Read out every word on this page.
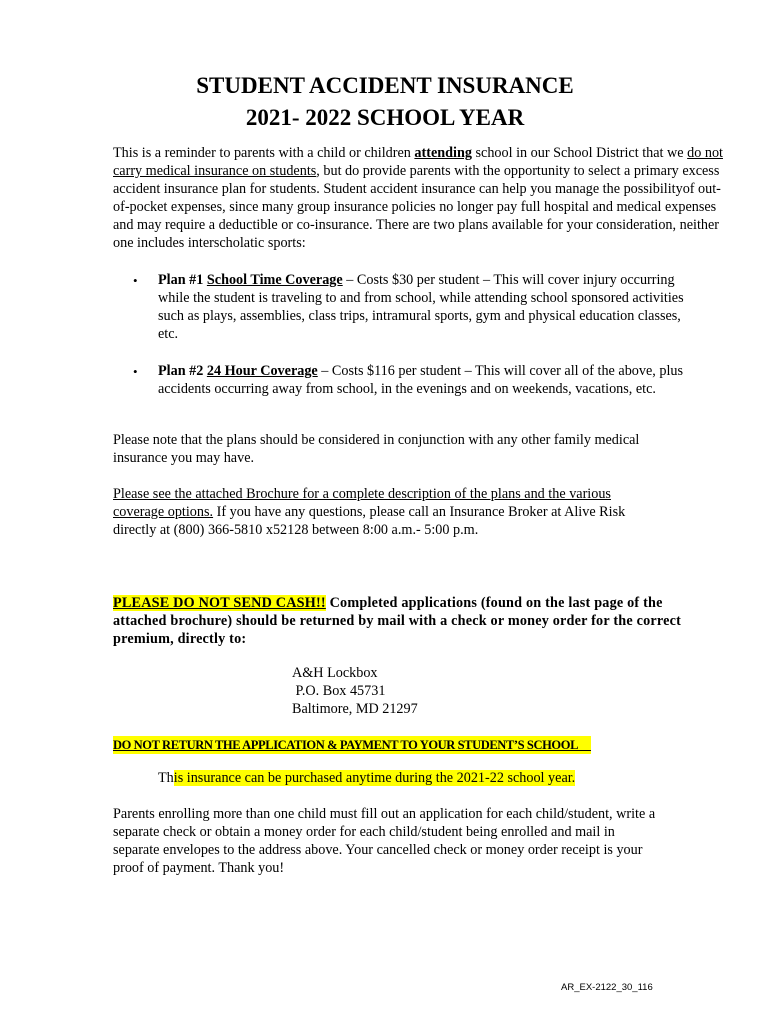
STUDENT ACCIDENT INSURANCE
2021- 2022 SCHOOL YEAR
This is a reminder to parents with a child or children attending school in our School District that we do not carry medical insurance on students, but do provide parents with the opportunity to select a primary excess accident insurance plan for students. Student accident insurance can help you manage the possibilityof out-of-pocket expenses, since many group insurance policies no longer pay full hospital and medical expenses and may require a deductible or co-insurance. There are two plans available for your consideration, neither one includes interscholatic sports:
• Plan #1 School Time Coverage – Costs $30 per student – This will cover injury occurring while the student is traveling to and from school, while attending school sponsored activities such as plays, assemblies, class trips, intramural sports, gym and physical education classes, etc.
• Plan #2 24 Hour Coverage – Costs $116 per student – This will cover all of the above, plus accidents occurring away from school, in the evenings and on weekends, vacations, etc.
Please note that the plans should be considered in conjunction with any other family medical insurance you may have.
Please see the attached Brochure for a complete description of the plans and the various coverage options. If you have any questions, please call an Insurance Broker at Alive Risk directly at (800) 366-5810 x52128 between 8:00 a.m.- 5:00 p.m.
PLEASE DO NOT SEND CASH!! Completed applications (found on the last page of the attached brochure) should be returned by mail with a check or money order for the correct premium, directly to:
A&H Lockbox
P.O. Box 45731
Baltimore, MD 21297
DO NOT RETURN THE APPLICATION & PAYMENT TO YOUR STUDENT’S SCHOOL
This insurance can be purchased anytime during the 2021-22 school year.
Parents enrolling more than one child must fill out an application for each child/student, write a separate check or obtain a money order for each child/student being enrolled and mail in separate envelopes to the address above. Your cancelled check or money order receipt is your proof of payment. Thank you!
AR_EX-2122_30_116
